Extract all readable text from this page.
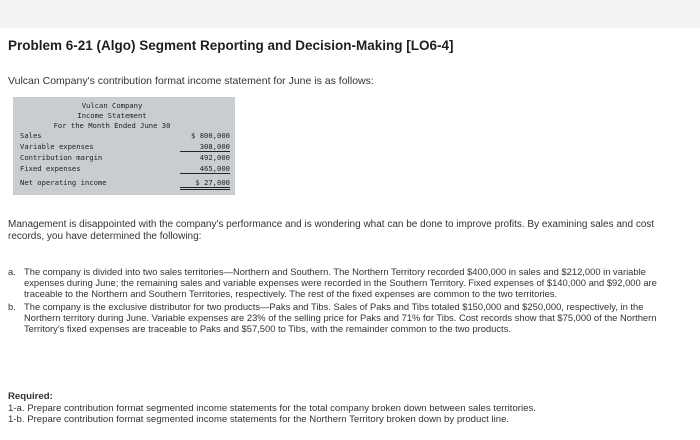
Problem 6-21 (Algo) Segment Reporting and Decision-Making [LO6-4]
Vulcan Company's contribution format income statement for June is as follows:
Vulcan Company
Income Statement
For the Month Ended June 30
Sales	$ 800,000
Variable expenses	308,000
Contribution margin	492,000
Fixed expenses	465,000
Net operating income	$ 27,000
Management is disappointed with the company's performance and is wondering what can be done to improve profits. By examining sales and cost records, you have determined the following:
a. The company is divided into two sales territories—Northern and Southern. The Northern Territory recorded $400,000 in sales and $212,000 in variable expenses during June; the remaining sales and variable expenses were recorded in the Southern Territory. Fixed expenses of $140,000 and $92,000 are traceable to the Northern and Southern Territories, respectively. The rest of the fixed expenses are common to the two territories.
b. The company is the exclusive distributor for two products—Paks and Tibs. Sales of Paks and Tibs totaled $150,000 and $250,000, respectively, in the Northern territory during June. Variable expenses are 23% of the selling price for Paks and 71% for Tibs. Cost records show that $75,000 of the Northern Territory's fixed expenses are traceable to Paks and $57,500 to Tibs, with the remainder common to the two products.
Required:
1-a. Prepare contribution format segmented income statements for the total company broken down between sales territories.
1-b. Prepare contribution format segmented income statements for the Northern Territory broken down by product line.
